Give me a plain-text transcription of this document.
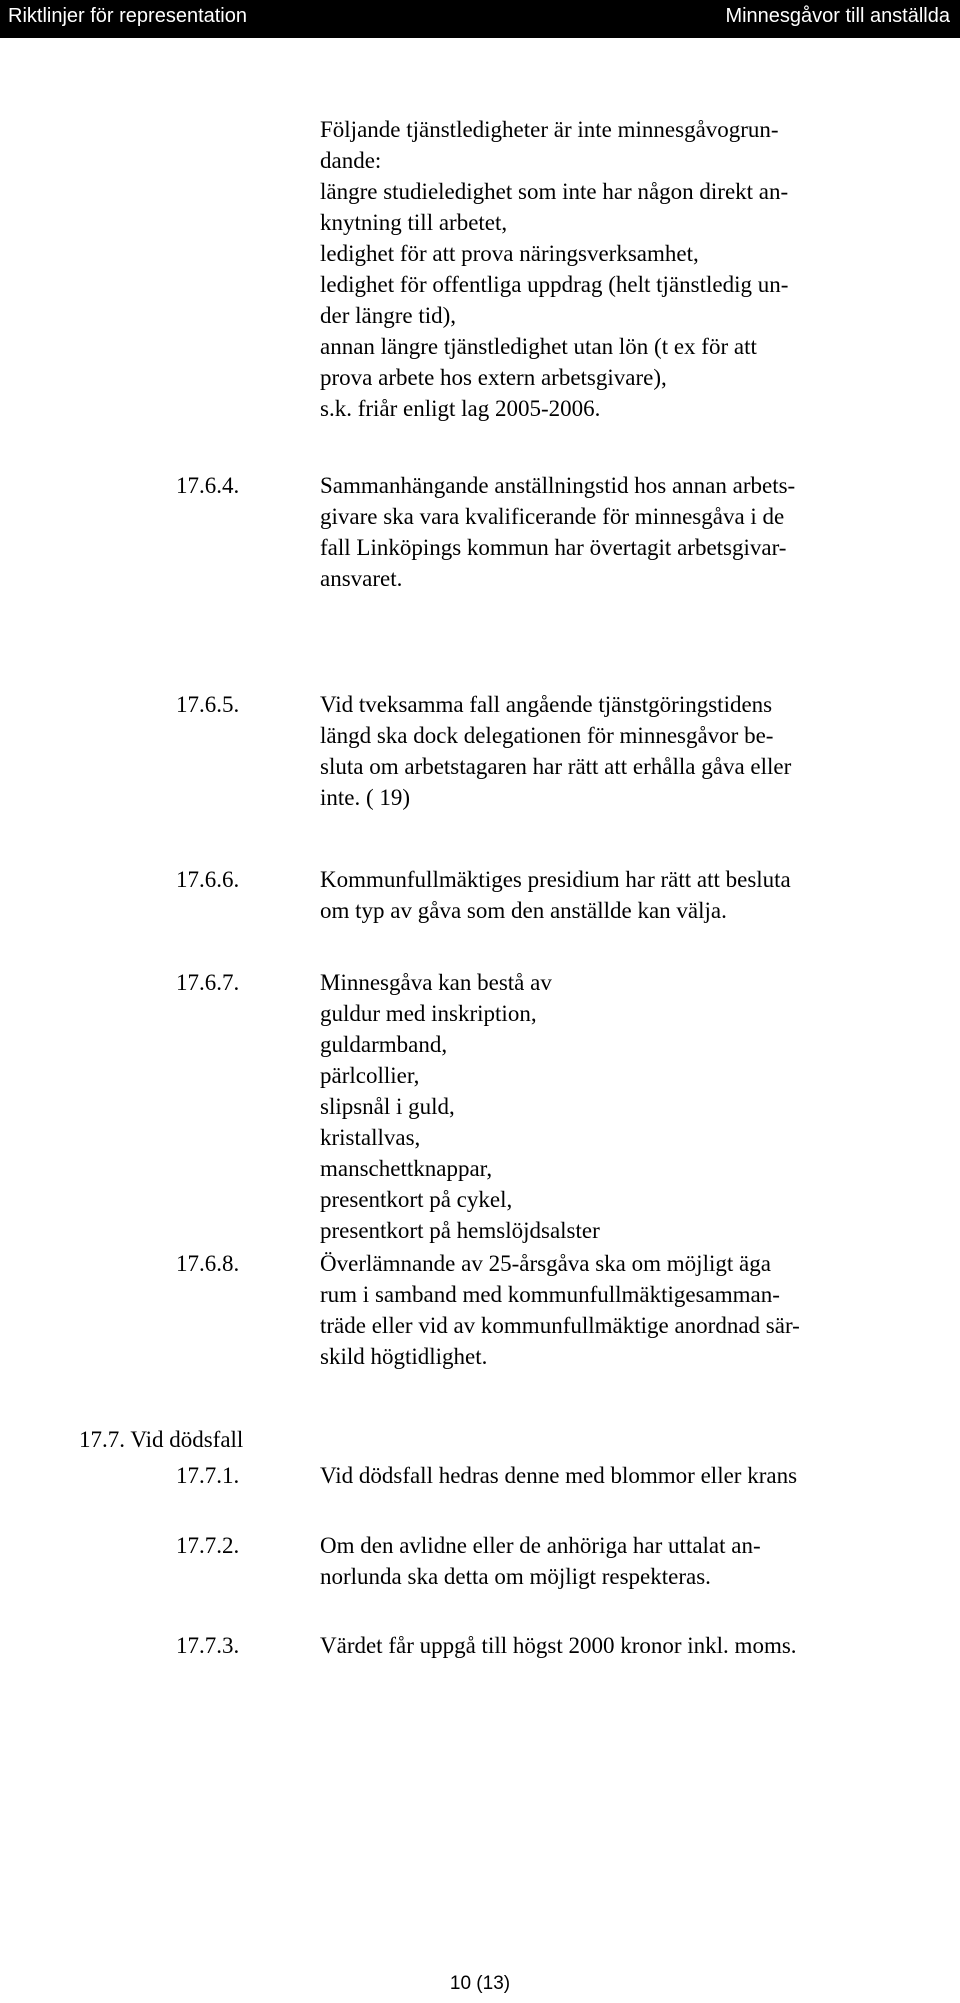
Riktlinjer för representation	Minnesgåvor till anställda
Följande tjänstledigheter är inte minnesgåvogrun-
dande:
längre studieledighet som inte har någon direkt an-
knytning till arbetet,
ledighet för att prova näringsverksamhet,
ledighet för offentliga uppdrag (helt tjänstledig un-
der längre tid),
annan längre tjänstledighet utan lön (t ex för att
prova arbete hos extern arbetsgivare),
s.k. friår enligt lag 2005-2006.
17.6.4.	Sammanhängande anställningstid hos annan arbets-
givare ska vara kvalificerande för minnesgåva i de
fall Linköpings kommun har övertagit arbetsgivar-
ansvaret.
17.6.5.	Vid tveksamma fall angående tjänstgöringstidens
längd ska dock delegationen för minnesgåvor be-
sluta om arbetstagaren har rätt att erhålla gåva eller
inte. ( 19)
17.6.6.	Kommunfullmäktiges presidium har rätt att besluta
om typ av gåva som den anställde kan välja.
17.6.7.	Minnesgåva kan bestå av
guldur med inskription,
guldarmband,
pärlcollier,
slipsnål i guld,
kristallvas,
manschettknappar,
presentkort på cykel,
presentkort på hemslöjdsalster
17.6.8.	Överlämnande av 25-årsgåva ska om möjligt äga
rum i samband med kommunfullmäktigesamman-
träde eller vid av kommunfullmäktige anordnad sär-
skild högtidlighet.
17.7. Vid dödsfall
17.7.1.	Vid dödsfall hedras denne med blommor eller krans
17.7.2.	Om den avlidne eller de anhöriga har uttalat an-
norlunda ska detta om möjligt respekteras.
17.7.3.	Värdet får uppgå till högst 2000 kronor inkl. moms.
10 (13)
